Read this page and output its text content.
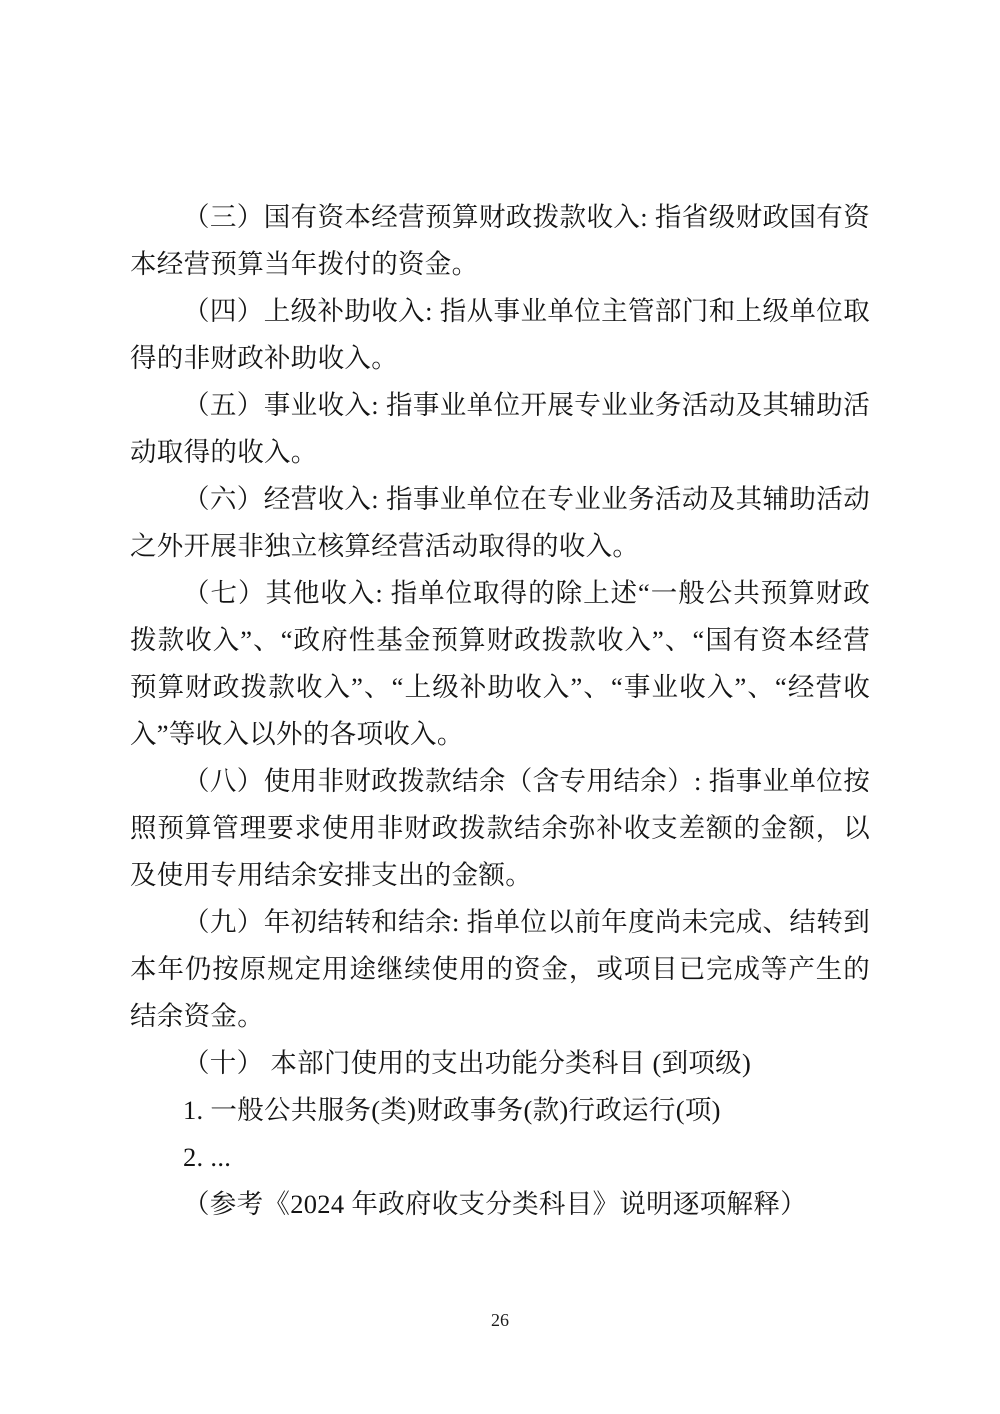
（三）国有资本经营预算财政拨款收入: 指省级财政国有资本经营预算当年拨付的资金。

（四）上级补助收入: 指从事业单位主管部门和上级单位取得的非财政补助收入。

（五）事业收入: 指事业单位开展专业业务活动及其辅助活动取得的收入。

（六）经营收入: 指事业单位在专业业务活动及其辅助活动之外开展非独立核算经营活动取得的收入。

（七）其他收入: 指单位取得的除上述“一般公共预算财政拨款收入”、“政府性基金预算财政拨款收入”、“国有资本经营预算财政拨款收入”、“上级补助收入”、“事业收入”、“经营收入”等收入以外的各项收入。

（八）使用非财政拨款结余（含专用结余）: 指事业单位按照预算管理要求使用非财政拨款结余弥补收支差额的金额，以及使用专用结余安排支出的金额。

（九）年初结转和结余: 指单位以前年度尚未完成、结转到本年仍按原规定用途继续使用的资金，或项目已完成等产生的结余资金。

（十） 本部门使用的支出功能分类科目 (到项级)

1. 一般公共服务(类)财政事务(款)行政运行(项)

2. ...

（参考《2024 年政府收支分类科目》说明逐项解释）

26
